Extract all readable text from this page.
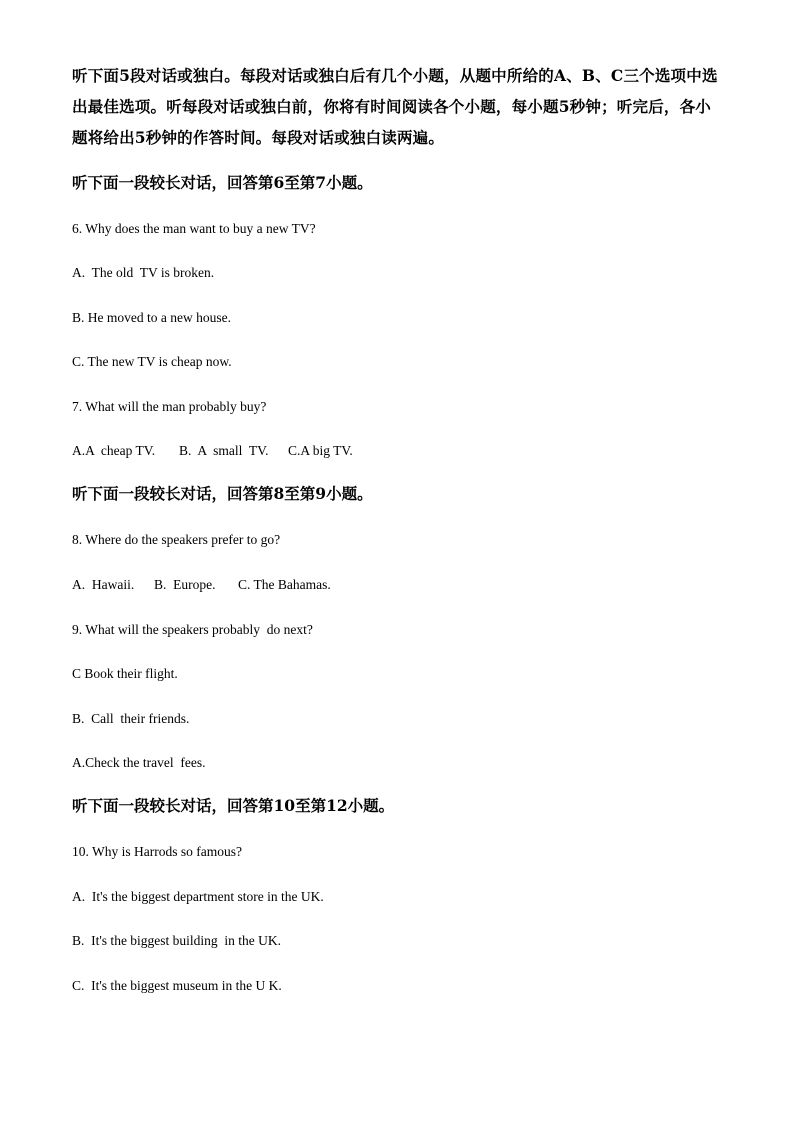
听下面5段对话或独白。每段对话或独白后有几个小题，从题中所给的A、B、C三个选项中选出最佳选项。听每段对话或独白前，你将有时间阅读各个小题，每小题5秒钟；听完后，各小题将给出5秒钟的作答时间。每段对话或独白读两遍。

听下面一段较长对话，回答第6至第7小题。

6. Why does the man want to buy a new TV?

A.  The old  TV is broken.

B. He moved to a new house.

C. The new TV is cheap now.

7. What will the man probably buy?

A.A  cheap TV.	B.  A  small  TV.	C.A big TV.

听下面一段较长对话，回答第8至第9小题。

8. Where do the speakers prefer to go?

A.  Hawaii.	B.  Europe.	C. The Bahamas.

9. What will the speakers probably  do next?

C Book their flight.

B.  Call  their friends.

A.Check the travel  fees.

听下面一段较长对话，回答第10至第12小题。

10. Why is Harrods so famous?

A.  It's the biggest department store in the UK.

B.  It's the biggest building  in the UK.

C.  It's the biggest museum in the U K.
